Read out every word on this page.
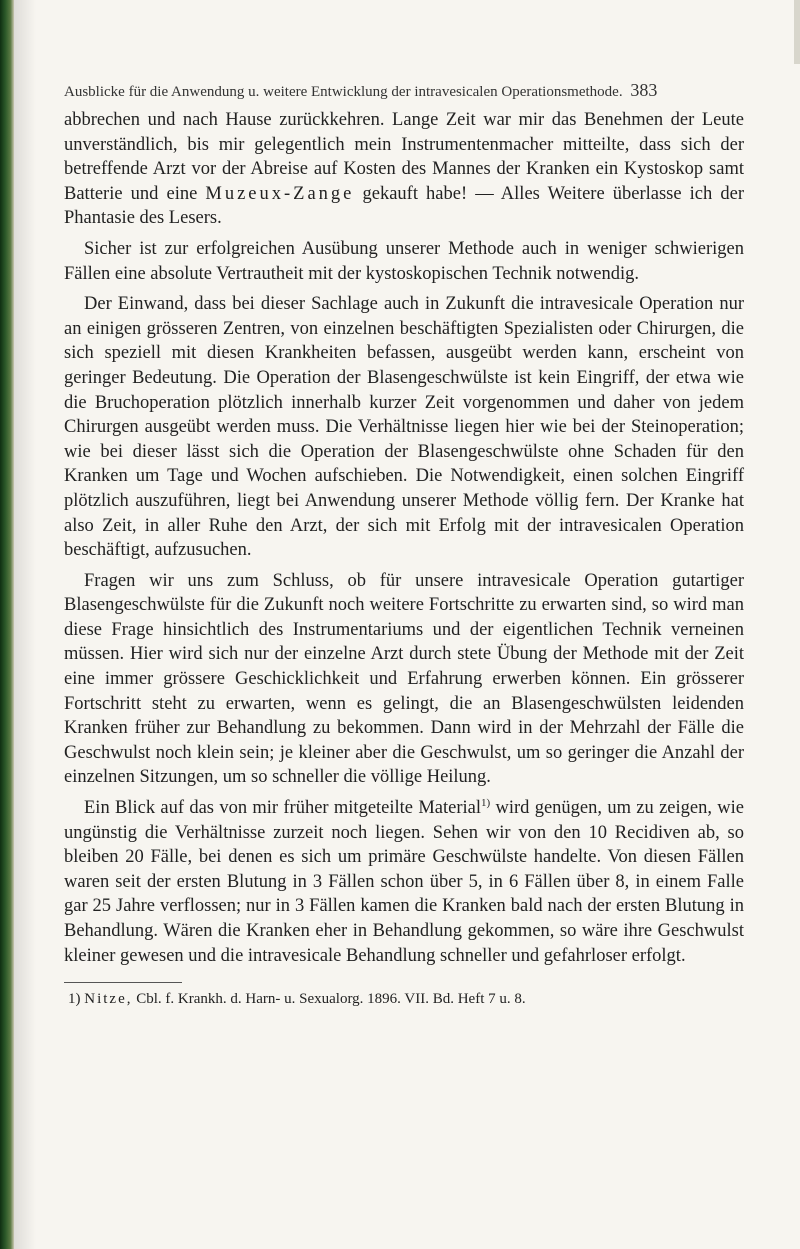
Ausblicke für die Anwendung u. weitere Entwicklung der intravesicalen Operationsmethode. 383

abbrechen und nach Hause zurückkehren. Lange Zeit war mir das Benehmen der Leute unverständlich, bis mir gelegentlich mein Instrumentenmacher mitteilte, dass sich der betreffende Arzt vor der Abreise auf Kosten des Mannes der Kranken ein Kystoskop samt Batterie und eine Muzeux-Zange gekauft habe! — Alles Weitere überlasse ich der Phantasie des Lesers.

Sicher ist zur erfolgreichen Ausübung unserer Methode auch in weniger schwierigen Fällen eine absolute Vertrautheit mit der kystoskopischen Technik notwendig.

Der Einwand, dass bei dieser Sachlage auch in Zukunft die intravesicale Operation nur an einigen grösseren Zentren, von einzelnen beschäftigten Spezialisten oder Chirurgen, die sich speziell mit diesen Krankheiten befassen, ausgeübt werden kann, erscheint von geringer Bedeutung. Die Operation der Blasengeschwülste ist kein Eingriff, der etwa wie die Bruchoperation plötzlich innerhalb kurzer Zeit vorgenommen und daher von jedem Chirurgen ausgeübt werden muss. Die Verhältnisse liegen hier wie bei der Steinoperation; wie bei dieser lässt sich die Operation der Blasengeschwülste ohne Schaden für den Kranken um Tage und Wochen aufschieben. Die Notwendigkeit, einen solchen Eingriff plötzlich auszuführen, liegt bei Anwendung unserer Methode völlig fern. Der Kranke hat also Zeit, in aller Ruhe den Arzt, der sich mit Erfolg mit der intravesicalen Operation beschäftigt, aufzusuchen.

Fragen wir uns zum Schluss, ob für unsere intravesicale Operation gutartiger Blasengeschwülste für die Zukunft noch weitere Fortschritte zu erwarten sind, so wird man diese Frage hinsichtlich des Instrumentariums und der eigentlichen Technik verneinen müssen. Hier wird sich nur der einzelne Arzt durch stete Übung der Methode mit der Zeit eine immer grössere Geschicklichkeit und Erfahrung erwerben können. Ein grösserer Fortschritt steht zu erwarten, wenn es gelingt, die an Blasengeschwülsten leidenden Kranken früher zur Behandlung zu bekommen. Dann wird in der Mehrzahl der Fälle die Geschwulst noch klein sein; je kleiner aber die Geschwulst, um so geringer die Anzahl der einzelnen Sitzungen, um so schneller die völlige Heilung.

Ein Blick auf das von mir früher mitgeteilte Material$^{1)}$ wird genügen, um zu zeigen, wie ungünstig die Verhältnisse zurzeit noch liegen. Sehen wir von den 10 Recidiven ab, so bleiben 20 Fälle, bei denen es sich um primäre Geschwülste handelte. Von diesen Fällen waren seit der ersten Blutung in 3 Fällen schon über 5, in 6 Fällen über 8, in einem Falle gar 25 Jahre verflossen; nur in 3 Fällen kamen die Kranken bald nach der ersten Blutung in Behandlung. Wären die Kranken eher in Behandlung gekommen, so wäre ihre Geschwulst kleiner gewesen und die intravesicale Behandlung schneller und gefahrloser erfolgt.

1) Nitze, Cbl. f. Krankh. d. Harn- u. Sexualorg. 1896. VII. Bd. Heft 7 u. 8.
